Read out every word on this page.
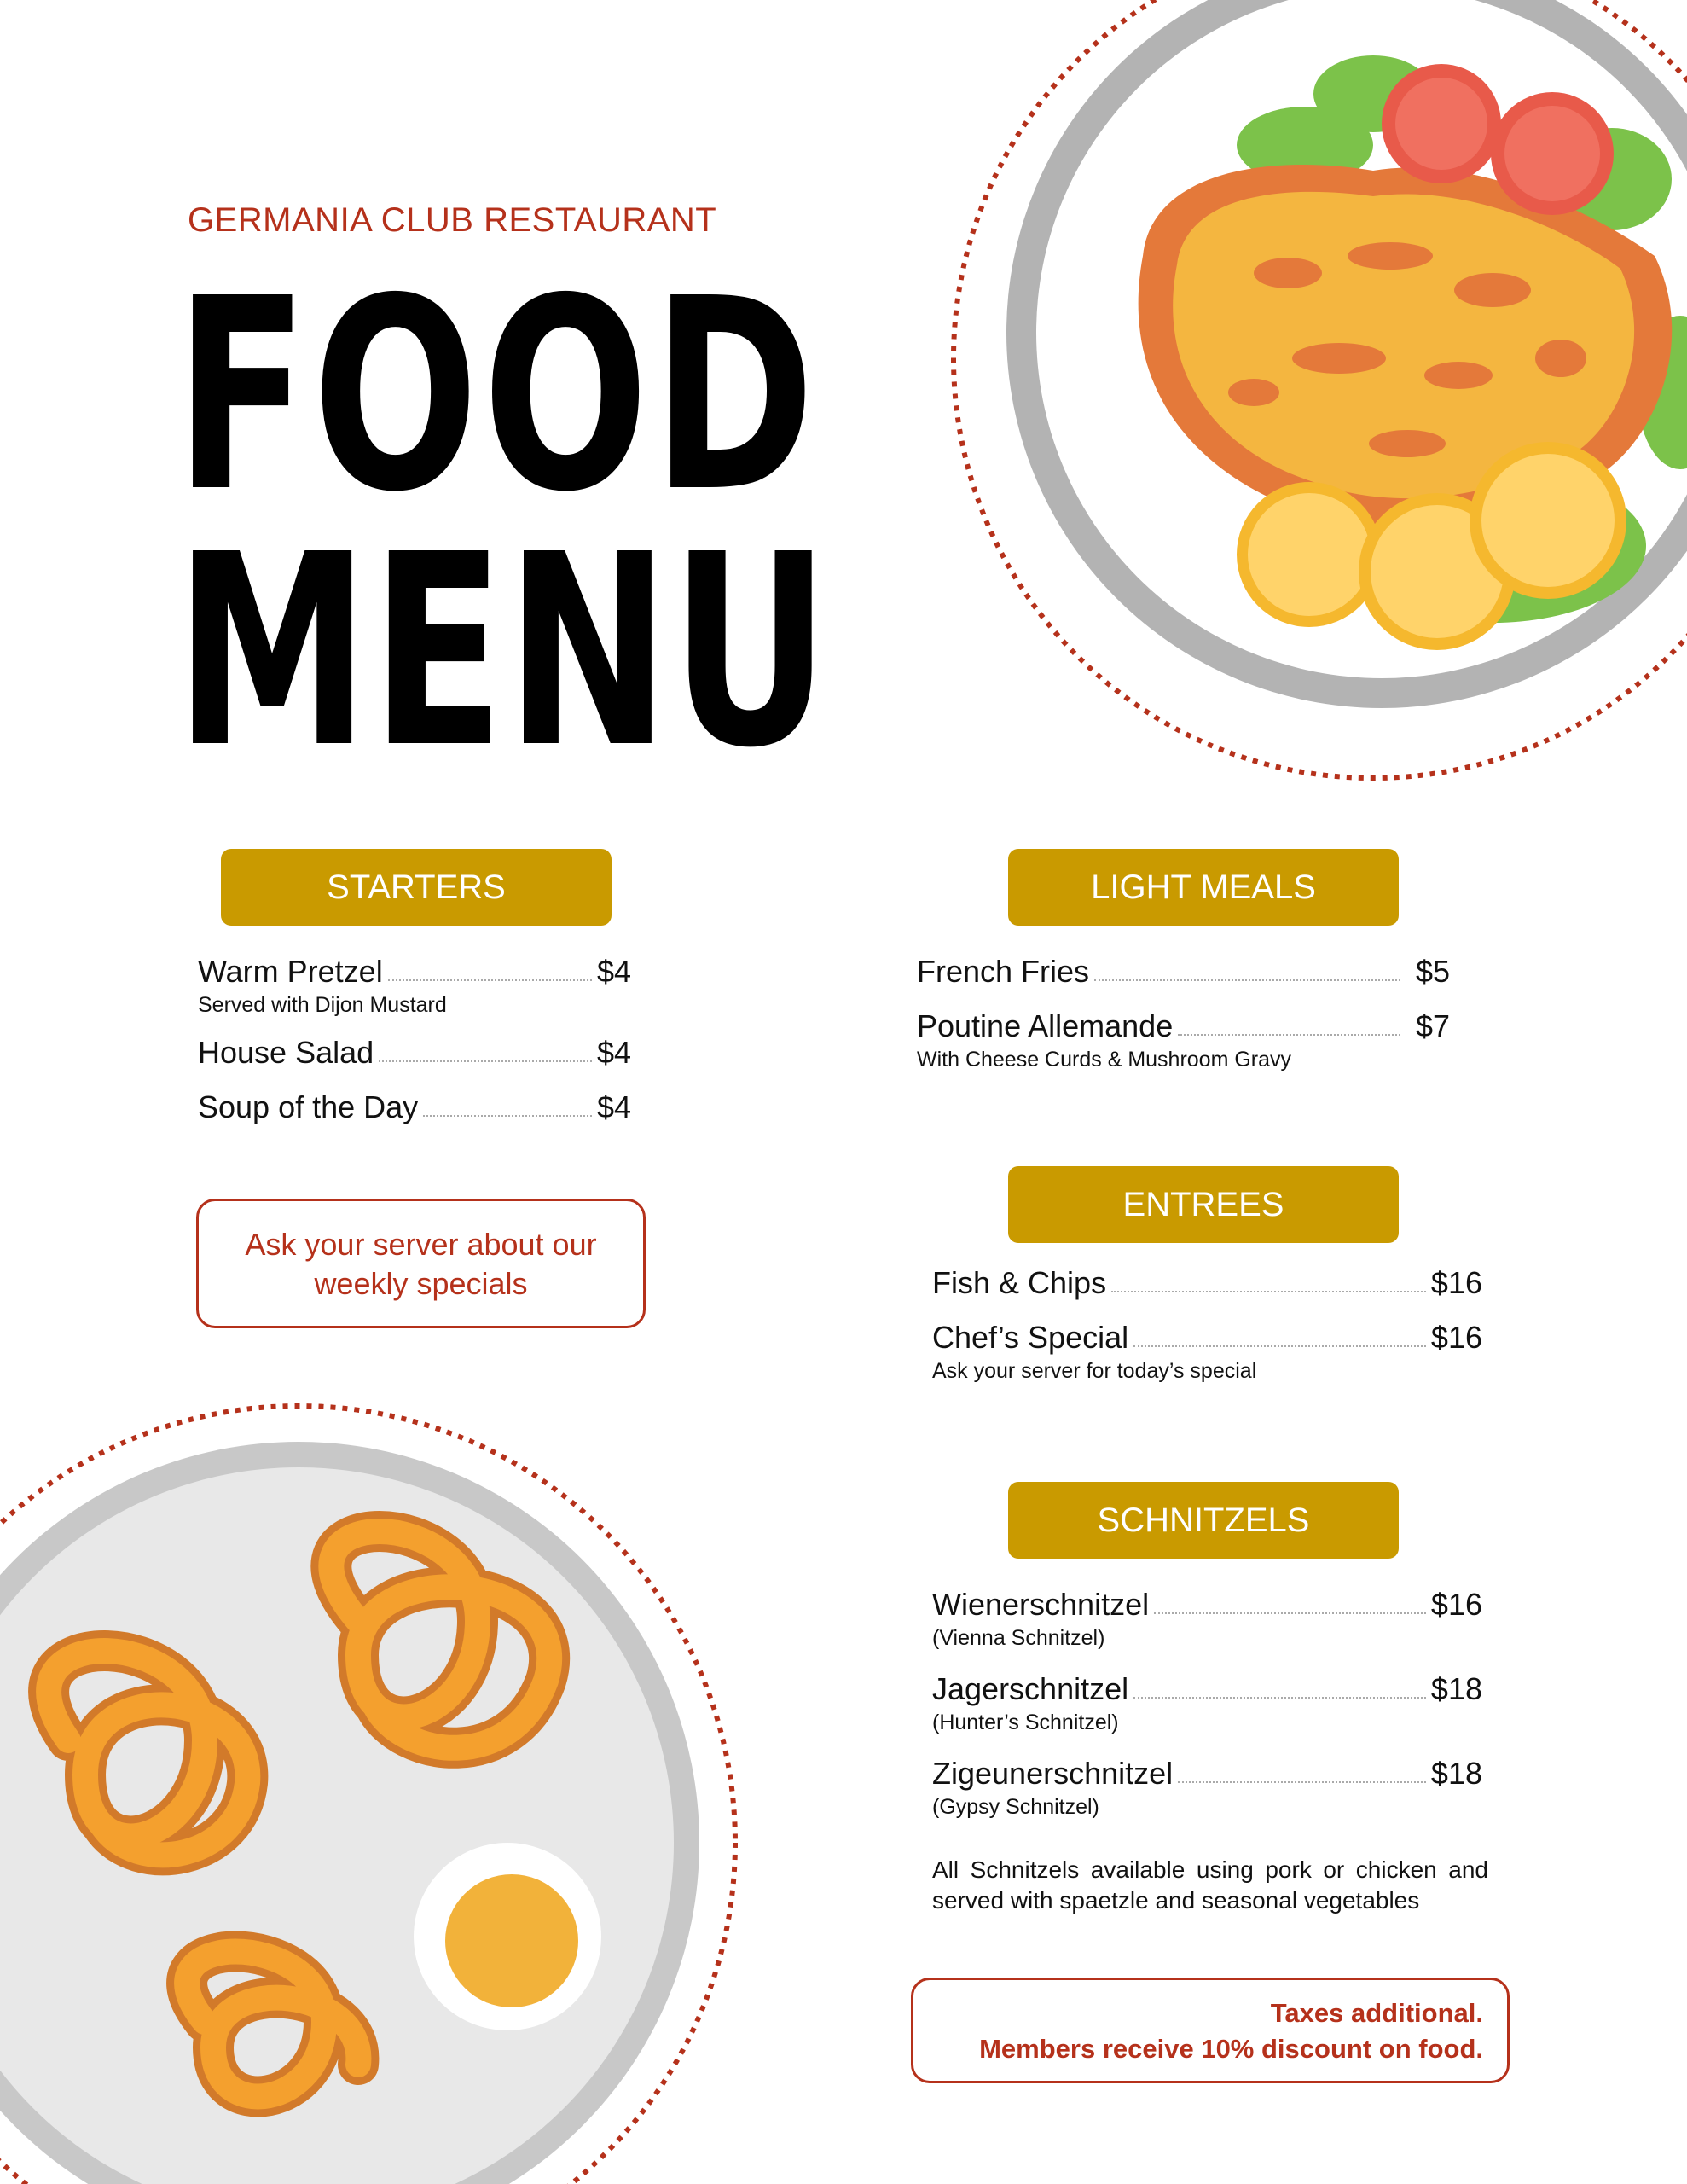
GERMANIA CLUB RESTAURANT
FOOD
MENU
STARTERS
Warm Pretzel	$4
Served with Dijon Mustard
House Salad	$4
Soup of the Day	$4
Ask your server about our
weekly specials
LIGHT MEALS
French Fries	$5
Poutine Allemande	$7
With Cheese Curds & Mushroom Gravy
ENTREES
Fish & Chips	$16
Chef’s Special	$16
Ask your server for today’s special
SCHNITZELS
Wienerschnitzel	$16
(Vienna Schnitzel)
Jagerschnitzel	$18
(Hunter’s Schnitzel)
Zigeunerschnitzel	$18
(Gypsy Schnitzel)
All Schnitzels available using pork or chicken and served with spaetzle and seasonal vegetables
Taxes additional.
Members receive 10% discount on food.
